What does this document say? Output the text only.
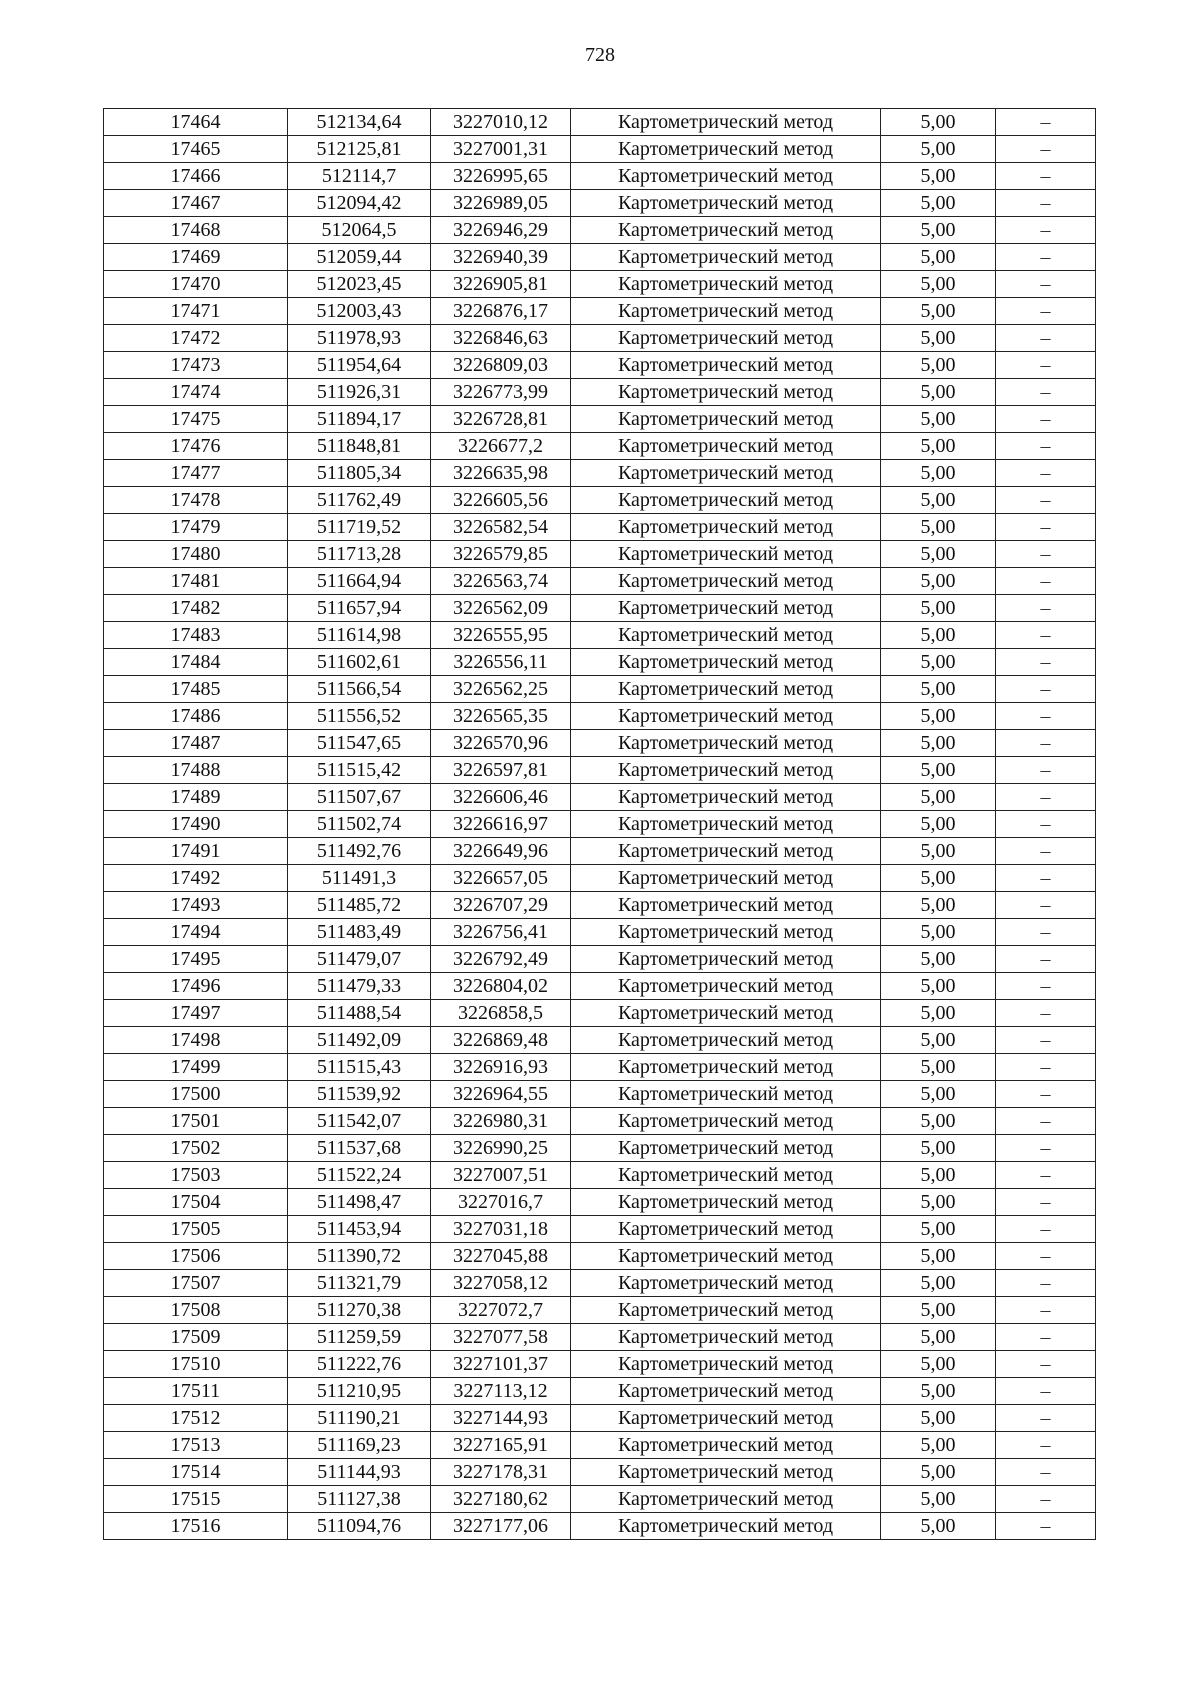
728
17464	512134,64	3227010,12	Картометрический метод	5,00	–
17465	512125,81	3227001,31	Картометрический метод	5,00	–
17466	512114,7	3226995,65	Картометрический метод	5,00	–
17467	512094,42	3226989,05	Картометрический метод	5,00	–
17468	512064,5	3226946,29	Картометрический метод	5,00	–
17469	512059,44	3226940,39	Картометрический метод	5,00	–
17470	512023,45	3226905,81	Картометрический метод	5,00	–
17471	512003,43	3226876,17	Картометрический метод	5,00	–
17472	511978,93	3226846,63	Картометрический метод	5,00	–
17473	511954,64	3226809,03	Картометрический метод	5,00	–
17474	511926,31	3226773,99	Картометрический метод	5,00	–
17475	511894,17	3226728,81	Картометрический метод	5,00	–
17476	511848,81	3226677,2	Картометрический метод	5,00	–
17477	511805,34	3226635,98	Картометрический метод	5,00	–
17478	511762,49	3226605,56	Картометрический метод	5,00	–
17479	511719,52	3226582,54	Картометрический метод	5,00	–
17480	511713,28	3226579,85	Картометрический метод	5,00	–
17481	511664,94	3226563,74	Картометрический метод	5,00	–
17482	511657,94	3226562,09	Картометрический метод	5,00	–
17483	511614,98	3226555,95	Картометрический метод	5,00	–
17484	511602,61	3226556,11	Картометрический метод	5,00	–
17485	511566,54	3226562,25	Картометрический метод	5,00	–
17486	511556,52	3226565,35	Картометрический метод	5,00	–
17487	511547,65	3226570,96	Картометрический метод	5,00	–
17488	511515,42	3226597,81	Картометрический метод	5,00	–
17489	511507,67	3226606,46	Картометрический метод	5,00	–
17490	511502,74	3226616,97	Картометрический метод	5,00	–
17491	511492,76	3226649,96	Картометрический метод	5,00	–
17492	511491,3	3226657,05	Картометрический метод	5,00	–
17493	511485,72	3226707,29	Картометрический метод	5,00	–
17494	511483,49	3226756,41	Картометрический метод	5,00	–
17495	511479,07	3226792,49	Картометрический метод	5,00	–
17496	511479,33	3226804,02	Картометрический метод	5,00	–
17497	511488,54	3226858,5	Картометрический метод	5,00	–
17498	511492,09	3226869,48	Картометрический метод	5,00	–
17499	511515,43	3226916,93	Картометрический метод	5,00	–
17500	511539,92	3226964,55	Картометрический метод	5,00	–
17501	511542,07	3226980,31	Картометрический метод	5,00	–
17502	511537,68	3226990,25	Картометрический метод	5,00	–
17503	511522,24	3227007,51	Картометрический метод	5,00	–
17504	511498,47	3227016,7	Картометрический метод	5,00	–
17505	511453,94	3227031,18	Картометрический метод	5,00	–
17506	511390,72	3227045,88	Картометрический метод	5,00	–
17507	511321,79	3227058,12	Картометрический метод	5,00	–
17508	511270,38	3227072,7	Картометрический метод	5,00	–
17509	511259,59	3227077,58	Картометрический метод	5,00	–
17510	511222,76	3227101,37	Картометрический метод	5,00	–
17511	511210,95	3227113,12	Картометрический метод	5,00	–
17512	511190,21	3227144,93	Картометрический метод	5,00	–
17513	511169,23	3227165,91	Картометрический метод	5,00	–
17514	511144,93	3227178,31	Картометрический метод	5,00	–
17515	511127,38	3227180,62	Картометрический метод	5,00	–
17516	511094,76	3227177,06	Картометрический метод	5,00	–
